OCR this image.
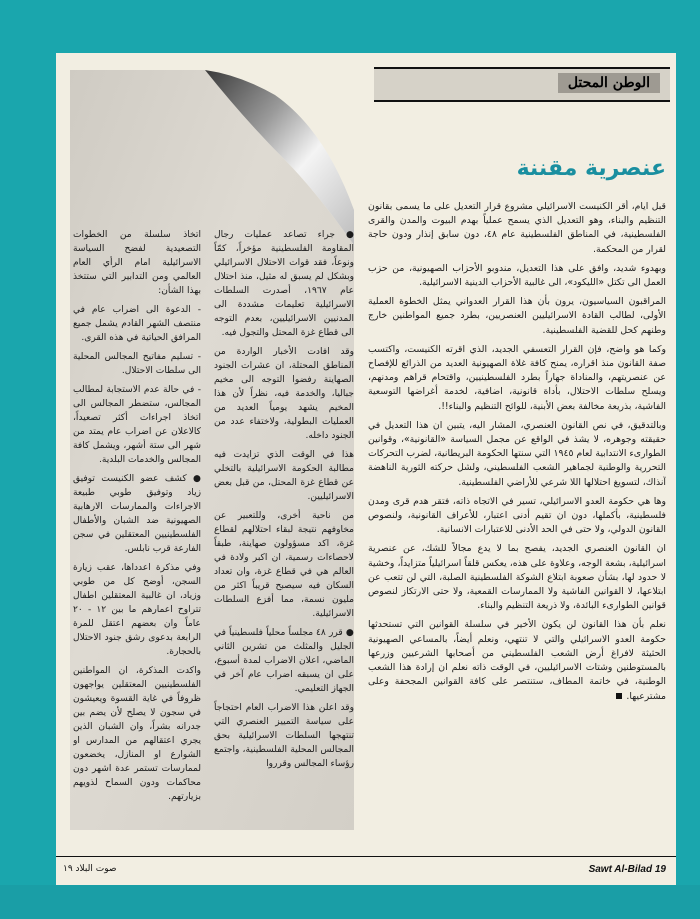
الوطن المحتل
عنصرية مقننة

قبل ايام، أقر الكنيست الاسرائيلي مشروع قرار التعديل على ما يسمى بقانون التنظيم والبناء، وهو التعديل الذي يسمح عملياً بهدم البيوت والمدن والقرى الفلسطينية، في المناطق الفلسطينية عام ٤٨، دون سابق إنذار ودون حاجة لقرار من المحكمة.

وبهدوء شديد، وافق على هذا التعديل، مندوبو الأحزاب الصهيونية، من حزب العمل الى تكتل «الليكود»، الى غالبية الأحزاب الدينية الاسرائيلية.

المراقبون السياسيون، يرون بأن هذا القرار العدواني يمثل الخطوة العملية الأولى، لطالب القادة الاسرائيليين العنصريين، بطرد جميع المواطنين خارج وطنهم كحل للقضية الفلسطينية.

وكما هو واضح، فإن القرار التعسفي الجديد، الذي اقرته الكنيست، واكتسب صفة القانون منذ اقراره، يمنح كافة غلاة الصهيونية العديد من الذرائع للإفصاح عن عنصريتهم، والمناداة جهاراً بطرد الفلسطينيين، واقتحام قراهم ومدنهم، ويسلح سلطات الاحتلال، بأداة قانونية، اضافية، لخدمة أغراضها التوسعية الفاشية، بذريعة مخالفة بعض الأبنية، للوائح التنظيم والبناء!!.

وبالتدقيق، في نص القانون العنصري، المشار اليه، يتبين ان هذا التعديل في حقيقته وجوهره، لا يشذ في الواقع عن مجمل السياسة «القانونية»، وقوانين الطوارىء الانتدابية لعام ١٩٤٥ التي سنتها الحكومة البريطانية، لضرب التحركات التحررية والوطنية لجماهير الشعب الفلسطيني، ولشل حركته الثورية الناهضة آنذاك، لتسويغ احتلالها اللا شرعي للأراضي الفلسطينية.

وها هي حكومة العدو الاسرائيلي، تسير في الاتجاه ذاته، فتقر هدم قرى ومدن فلسطينية، بأكملها، دون ان تقيم أدنى اعتبار، للأعراف القانونية، ولنصوص القانون الدولي، ولا حتى في الحد الأدنى للاعتبارات الانسانية.

ان القانون العنصري الجديد، يفصح بما لا يدع مجالاً للشك، عن عنصرية اسرائيلية، بشعة الوجه، وعلاوة على هذه، يعكس قلقاً اسرائيلياً متزايداً، وخشية لا حدود لها، بشأن صعوبة ابتلاع الشوكة الفلسطينية الصلبة، التي لن تتعب عن ابتلاعها، لا القوانين الفاشية ولا الممارسات القمعية، ولا حتى الارتكاز لنصوص قوانين الطوارىء البائدة، ولا ذريعة التنظيم والبناء.

نعلم بأن هذا القانون لن يكون الأخير في سلسلة القوانين التي تستحدثها حكومة العدو الاسرائيلي والتي لا تنتهي، ونعلم أيضاً، بالمساعي الصهيونية الحثيثة لافراغ أرض الشعب الفلسطيني من أصحابها الشرعيين وزرعها بالمستوطنين وشتات الاسرائيليين، في الوقت ذاته نعلم ان إرادة هذا الشعب الوطنية، في خاتمة المطاف، ستنتصر على كافة القوانين المجحفة وعلى مشترعيها.

● جراء تصاعد عمليات رجال المقاومة الفلسطينية مؤخراً، كمّاً ونوعاً، فقد قوات الاحتلال الاسرائيلي وبشكل لم يسبق له مثيل، منذ احتلال عام ١٩٦٧، أصدرت السلطات الاسرائيلية تعليمات مشددة الى المدنيين الاسرائيليين، بعدم التوجه الى قطاع غزة المحتل والتجول فيه.

وقد افادت الأخبار الواردة من المناطق المحتلة، ان عشرات الجنود الصهاينة رفضوا التوجه الى مخيم جباليا، والخدمة فيه، نظراً لأن هذا المخيم يشهد يومياً العديد من العمليات البطولية، ولاختفاء عدد من الجنود داخله.

هذا في الوقت الذي تزايدت فيه مطالبة الحكومة الاسرائيلية بالتخلي عن قطاع غزة المحتل، من قبل بعض الاسرائيليين.

من ناحية أخرى، وللتعبير عن مخاوفهم نتيجة لبقاء احتلالهم لقطاع غزة، اكد مسؤولون صهاينة، طبقاً لاحصاءات رسمية، ان اكبر ولادة في العالم هي في قطاع غزة، وان تعداد السكان فيه سيصبح قريباً اكثر من مليون نسمة، مما أفزع السلطات الاسرائيلية.

● قرر ٤٨ مجلساً محلياً فلسطينياً في الجليل والمثلث من تشرين الثاني الماضي، اعلان الاضراب لمدة أسبوع، على ان يسبقه اضراب عام آخر في الجهاز التعليمي.

وقد اعلن هذا الاضراب العام احتجاجاً على سياسة التمييز العنصري التي تنتهجها السلطات الاسرائيلية بحق المجالس المحلية الفلسطينية، واجتمع رؤساء المجالس وقرروا

اتخاذ سلسلة من الخطوات التصعيدية لفضح السياسة الاسرائيلية امام الرأي العام العالمي ومن التدابير التي ستتخذ بهذا الشأن:

- الدعوة الى اضراب عام في منتصف الشهر القادم يشمل جميع المرافق الحياتية في هذه القرى.

- تسليم مفاتيح المجالس المحلية الى سلطات الاحتلال.

- في حالة عدم الاستجابة لمطالب المجالس، ستضطر المجالس الى اتخاذ اجراءات أكثر تصعيداً، كالاعلان عن اضراب عام يمتد من شهر الى ستة أشهر، ويشمل كافة المجالس والخدمات البلدية.

● كشف عضو الكنيست توفيق زياد وتوفيق طوبي طبيعة الاجراءات والممارسات الارهابية الصهيونية ضد الشبان والأطفال الفلسطينيين المعتقلين في سجن الفارعة قرب نابلس.

وفي مذكرة اعدداها، عقب زيارة السجن، أوضح كل من طوبي وزياد، ان غالبية المعتقلين اطفال تتراوح اعمارهم ما بين ١٢ - ٢٠ عاماً وان بعضهم اعتقل للمرة الرابعة بدعوى رشق جنود الاحتلال بالحجارة.

واكدت المذكرة، ان المواطنين الفلسطينيين المعتقلين يواجهون ظروفاً في غاية القسوة ويعيشون في سجون لا يصلح لأن يضم بين جدرانه بشراً، وان الشبان الذين يجري اعتقالهم من المدارس او الشوارع او المنازل، يخضعون لممارسات تستمر عدة اشهر دون محاكمات ودون السماح لذويهم بزيارتهم.

صوت البلاد ١٩	Sawt Al-Bilad 19
